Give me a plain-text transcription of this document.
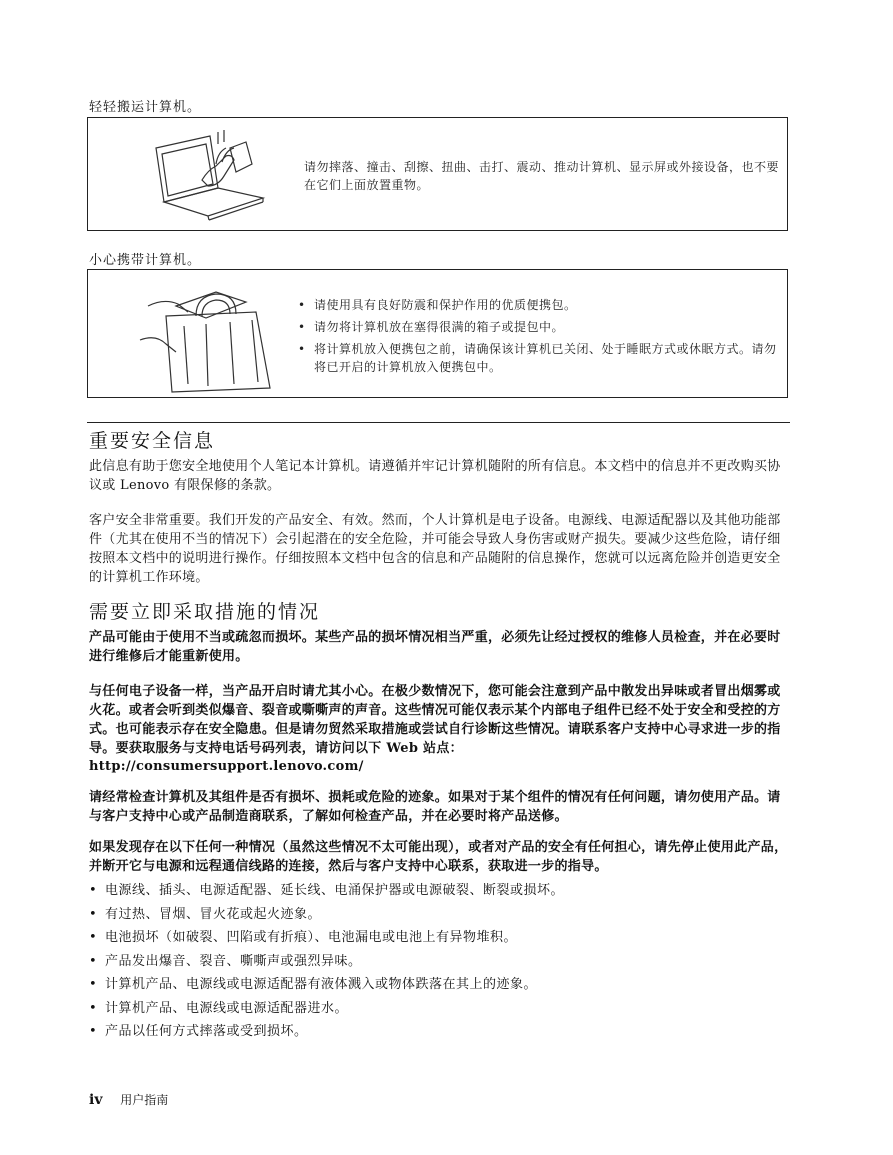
轻轻搬运计算机。
请勿摔落、撞击、刮擦、扭曲、击打、震动、推动计算机、显示屏或外接设备，也不要在它们上面放置重物。
小心携带计算机。
• 请使用具有良好防震和保护作用的优质便携包。
• 请勿将计算机放在塞得很满的箱子或提包中。
• 将计算机放入便携包之前，请确保该计算机已关闭、处于睡眠方式或休眠方式。请勿将已开启的计算机放入便携包中。
重要安全信息
此信息有助于您安全地使用个人笔记本计算机。请遵循并牢记计算机随附的所有信息。本文档中的信息并不更改购买协议或 Lenovo 有限保修的条款。
客户安全非常重要。我们开发的产品安全、有效。然而，个人计算机是电子设备。电源线、电源适配器以及其他功能部件（尤其在使用不当的情况下）会引起潜在的安全危险，并可能会导致人身伤害或财产损失。要减少这些危险，请仔细按照本文档中的说明进行操作。仔细按照本文档中包含的信息和产品随附的信息操作，您就可以远离危险并创造更安全的计算机工作环境。
需要立即采取措施的情况
产品可能由于使用不当或疏忽而损坏。某些产品的损坏情况相当严重，必须先让经过授权的维修人员检查，并在必要时进行维修后才能重新使用。
与任何电子设备一样，当产品开启时请尤其小心。在极少数情况下，您可能会注意到产品中散发出异味或者冒出烟雾或火花。或者会听到类似爆音、裂音或嘶嘶声的声音。这些情况可能仅表示某个内部电子组件已经不处于安全和受控的方式。也可能表示存在安全隐患。但是请勿贸然采取措施或尝试自行诊断这些情况。请联系客户支持中心寻求进一步的指导。要获取服务与支持电话号码列表，请访问以下 Web 站点：
http://consumersupport.lenovo.com/
请经常检查计算机及其组件是否有损坏、损耗或危险的迹象。如果对于某个组件的情况有任何问题，请勿使用产品。请与客户支持中心或产品制造商联系，了解如何检查产品，并在必要时将产品送修。
如果发现存在以下任何一种情况（虽然这些情况不太可能出现），或者对产品的安全有任何担心，请先停止使用此产品，并断开它与电源和远程通信线路的连接，然后与客户支持中心联系，获取进一步的指导。
• 电源线、插头、电源适配器、延长线、电涌保护器或电源破裂、断裂或损坏。
• 有过热、冒烟、冒火花或起火迹象。
• 电池损坏（如破裂、凹陷或有折痕）、电池漏电或电池上有异物堆积。
• 产品发出爆音、裂音、嘶嘶声或强烈异味。
• 计算机产品、电源线或电源适配器有液体溅入或物体跌落在其上的迹象。
• 计算机产品、电源线或电源适配器进水。
• 产品以任何方式摔落或受到损坏。
iv 用户指南
